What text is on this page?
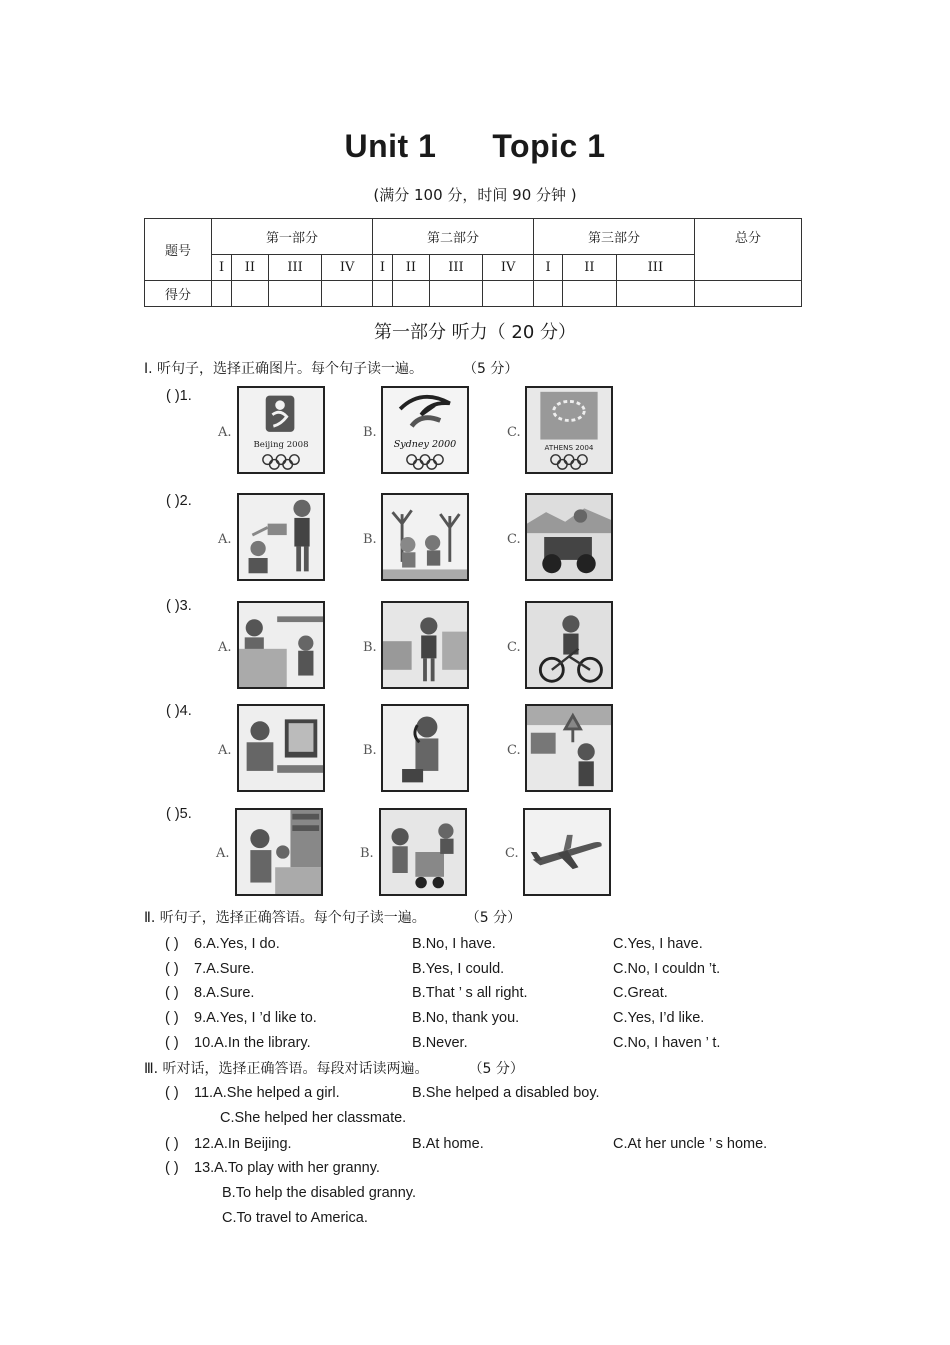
Unit 1 Topic 1
(满分 100 分，时间 90 分钟 )
题号	第一部分				第二部分				第三部分			总分
	I	II	III	IV	I	II	III	IV	I	II	III	
得分												
第一部分 听力（ 20 分）
Ⅰ. 听句子，选择正确图片。每个句子读一遍。	（5 分）
( )1.
A.
Beijing 2008
B.
Sydney 2000
C.
ATHENS 2004
( )2.
A.	B.	C.
( )3.
A.	B.	C.
( )4.
A.	B.	C.
( )5.
A.	B.	C.
Ⅱ. 听句子，选择正确答语。每个句子读一遍。	（5 分）
( ) 6.A.Yes, I do.	B.No, I have.	C.Yes, I have.
( ) 7.A.Sure.	B.Yes, I could.	C.No, I couldn ’t.
( ) 8.A.Sure.	B.That ’ s all right.	C.Great.
( ) 9.A.Yes, I ’d like to.	B.No, thank you.	C.Yes, I’d like.
( ) 10.A.In the library.	B.Never.	C.No, I haven ’ t.
Ⅲ. 听对话，选择正确答语。每段对话读两遍。	（5 分）
( ) 11.A.She helped a girl.	B.She helped a disabled boy.
C.She helped her classmate.
( ) 12.A.In Beijing.	B.At home.	C.At her uncle ’ s home.
( ) 13.A.To play with her granny.
B.To help the disabled granny.
C.To travel to America.
